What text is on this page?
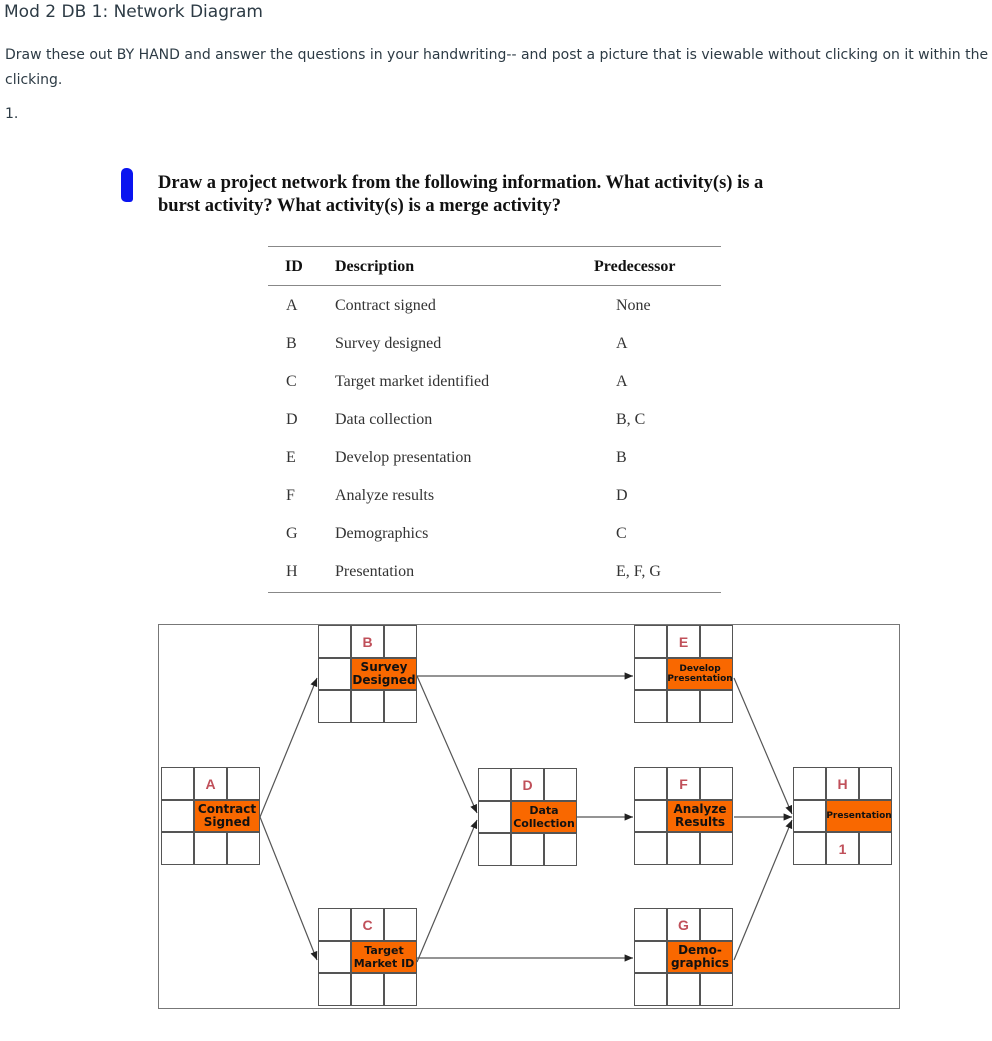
Mod 2 DB 1: Network Diagram
Draw these out BY HAND and answer the questions in your handwriting-- and post a picture that is viewable without clicking on it within the
clicking.
1.
Draw a project network from the following information. What activity(s) is a
burst activity? What activity(s) is a merge activity?
ID Description	Predecessor
A Contract signed	None
B Survey designed	A
C Target market identified	A
D Data collection	B, C
E Develop presentation	B
F	Analyze results	D
G Demographics	C
H Presentation	E, F, G
A
Contract Signed
B
Survey Designed
C
Target Market ID
D
Data Collection
E
Develop Presentation
F
Analyze Results
G
Demo-graphics
H
Presentation
1
